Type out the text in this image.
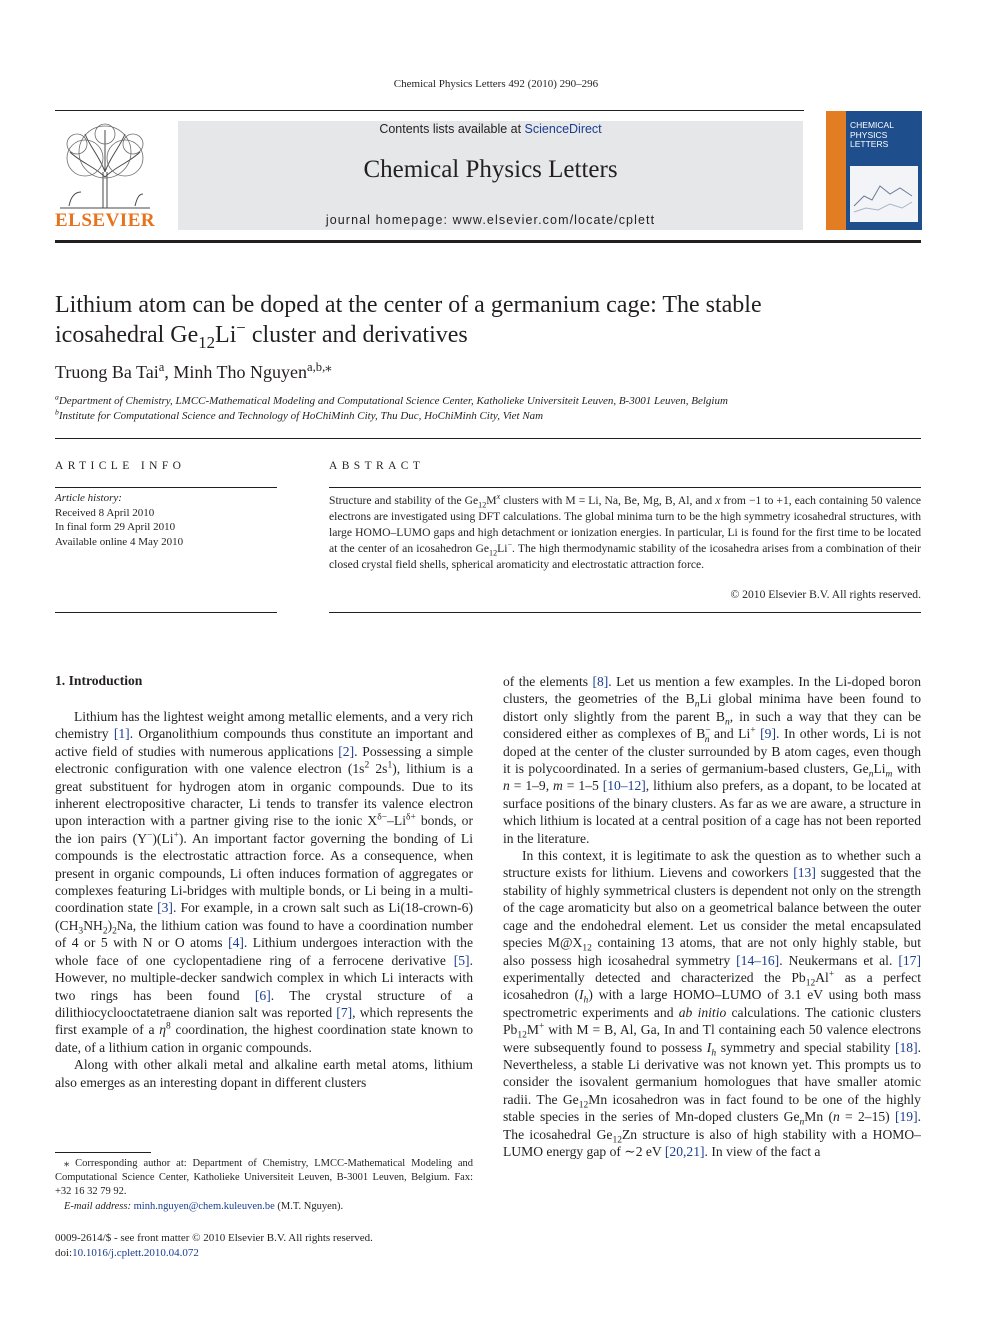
Chemical Physics Letters 492 (2010) 290–296
ELSEVIER
Contents lists available at ScienceDirect
Chemical Physics Letters
journal homepage: www.elsevier.com/locate/cplett
CHEMICAL
PHYSICS
LETTERS
Lithium atom can be doped at the center of a germanium cage: The stable
icosahedral $Ge_{12}Li^-$ cluster and derivatives
Truong Ba Tai$^a$, Minh Tho Nguyen$^{a,b,⁎}$
$^a$Department of Chemistry, LMCC-Mathematical Modeling and Computational Science Center, Katholieke Universiteit Leuven, B-3001 Leuven, Belgium
$^b$Institute for Computational Science and Technology of HoChiMinh City, Thu Duc, HoChiMinh City, Viet Nam
ARTICLE INFO	ABSTRACT
Article history:
Received 8 April 2010
In final form 29 April 2010
Available online 4 May 2010
Structure and stability of the $Ge_{12}M^x$ clusters with M = Li, Na, Be, Mg, B, Al, and x from −1 to +1, each containing 50 valence electrons are investigated using DFT calculations. The global minima turn to be the high symmetry icosahedral structures, with large HOMO–LUMO gaps and high detachment or ionization energies. In particular, Li is found for the first time to be located at the center of an icosahedron $Ge_{12}Li^-$. The high thermodynamic stability of the icosahedra arises from a combination of their closed crystal field shells, spherical aromaticity and electrostatic attraction force.
© 2010 Elsevier B.V. All rights reserved.
1. Introduction

Lithium has the lightest weight among metallic elements, and a very rich chemistry [1]. Organolithium compounds thus constitute an important and active field of studies with numerous applications [2]. Possessing a simple electronic configuration with one valence electron ($1s^2$ $2s^1$), lithium is a great substituent for hydrogen atom in organic compounds. Due to its inherent electropositive character, Li tends to transfer its valence electron upon interaction with a partner giving rise to the ionic $X^{\delta-}-Li^{\delta+}$ bonds, or the ion pairs (Y−)(Li+). An important factor governing the bonding of Li compounds is the electrostatic attraction force. As a consequence, when present in organic compounds, Li often induces formation of aggregates or complexes featuring Li-bridges with multiple bonds, or Li being in a multi-coordination state [3]. For example, in a crown salt such as $Li(18-crown-6)(CH_3NH_2)_2Na$, the lithium cation was found to have a coordination number of 4 or 5 with N or O atoms [4]. Lithium undergoes interaction with the whole face of one cyclopentadiene ring of a ferrocene derivative [5]. However, no multiple-decker sandwich complex in which Li interacts with two rings has been found [6]. The crystal structure of a dilithiocyclooctatetraene dianion salt was reported [7], which represents the first example of a $\eta^8$ coordination, the highest coordination state known to date, of a lithium cation in organic compounds.

Along with other alkali metal and alkaline earth metal atoms, lithium also emerges as an interesting dopant in different clusters

⁎ Corresponding author at: Department of Chemistry, LMCC-Mathematical Modeling and Computational Science Center, Katholieke Universiteit Leuven, B-3001 Leuven, Belgium. Fax: +32 16 32 79 92.

E-mail address: minh.nguyen@chem.kuleuven.be (M.T. Nguyen).

0009-2614/$ - see front matter © 2010 Elsevier B.V. All rights reserved.
doi:10.1016/j.cplett.2010.04.072

of the elements [8]. Let us mention a few examples. In the Li-doped boron clusters, the geometries of the $B_nLi$ global minima have been found to distort only slightly from the parent $B_n$, in such a way that they can be considered either as complexes of $B^-_n$ and Li+ [9]. In other words, Li is not doped at the center of the cluster surrounded by B atom cages, even though it is polycoordinated. In a series of germanium-based clusters, $Ge_nLi_m$ with n = 1–9, m = 1–5 [10–12], lithium also prefers, as a dopant, to be located at surface positions of the binary clusters. As far as we are aware, a structure in which lithium is located at a central position of a cage has not been reported in the literature.

In this context, it is legitimate to ask the question as to whether such a structure exists for lithium. Lievens and coworkers [13] suggested that the stability of highly symmetrical clusters is dependent not only on the strength of the cage aromaticity but also on a geometrical balance between the outer cage and the endohedral element. Let us consider the metal encapsulated species $M@X_{12}$ containing 13 atoms, that are not only highly stable, but also possess high icosahedral symmetry [14–16]. Neukermans et al. [17] experimentally detected and characterized the $Pb_{12}Al^+$ as a perfect icosahedron $(I_h)$ with a large HOMO–LUMO of 3.1 eV using both mass spectrometric experiments and ab initio calculations. The cationic clusters $Pb_{12}M^+$ with M = B, Al, Ga, In and Tl containing each 50 valence electrons were subsequently found to possess $I_h$ symmetry and special stability [18]. Nevertheless, a stable Li derivative was not known yet. This prompts us to consider the isovalent germanium homologues that have smaller atomic radii. The $Ge_{12}Mn$ icosahedron was in fact found to be one of the highly stable species in the series of Mn-doped clusters $Ge_nMn$ (n = 2–15) [19]. The icosahedral $Ge_{12}Zn$ structure is also of high stability with a HOMO–LUMO energy gap of ∼2 eV [20,21]. In view of the fact a
